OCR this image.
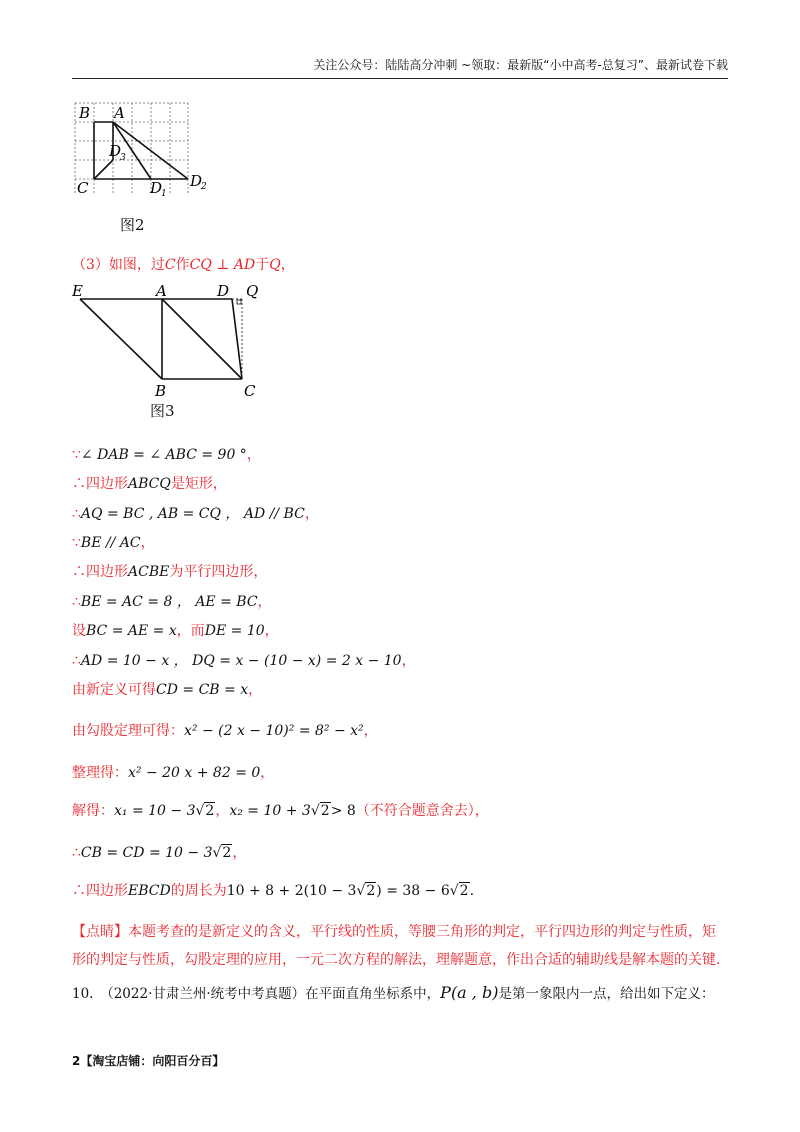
关注公众号：陆陆高分冲刺 ~领取：最新版“小中高考-总复习”、最新试卷下载
B A
D
3
C	D
1
D
2
图2
（3）如图，过C作CQ ⊥ AD于Q，
E	A	D Q
B	C
图3
∵∠ DAB = ∠ ABC = 90 °，
∴四边形ABCQ是矩形，
∴AQ = BC , AB = CQ ， AD // BC，
∵BE // AC，
∴四边形ACBE为平行四边形，
∴BE = AC = 8 ， AE = BC，
设BC = AE = x，而DE = 10，
∴AD = 10 − x ， DQ = x − (10 − x) = 2 x − 10，
由新定义可得CD = CB = x，
由勾股定理可得：x² − (2 x − 10)² = 8² − x²，
整理得：x² − 20 x + 82 = 0，
解得：x₁ = 10 − 3√2，x₂ = 10 + 3√2> 8（不符合题意舍去），
∴CB = CD = 10 − 3√2，
∴四边形EBCD的周长为10 + 8 + 2(10 − 3√2) = 38 − 6√2.
【点睛】本题考查的是新定义的含义，平行线的性质，等腰三角形的判定，平行四边形的判定与性质，矩形的判定与性质，勾股定理的应用，一元二次方程的解法，理解题意，作出合适的辅助线是解本题的关键.
10.　（2022·甘肃兰州·统考中考真题）在平面直角坐标系中，P(a , b)是第一象限内一点，给出如下定义：
2【淘宝店铺：向阳百分百】
